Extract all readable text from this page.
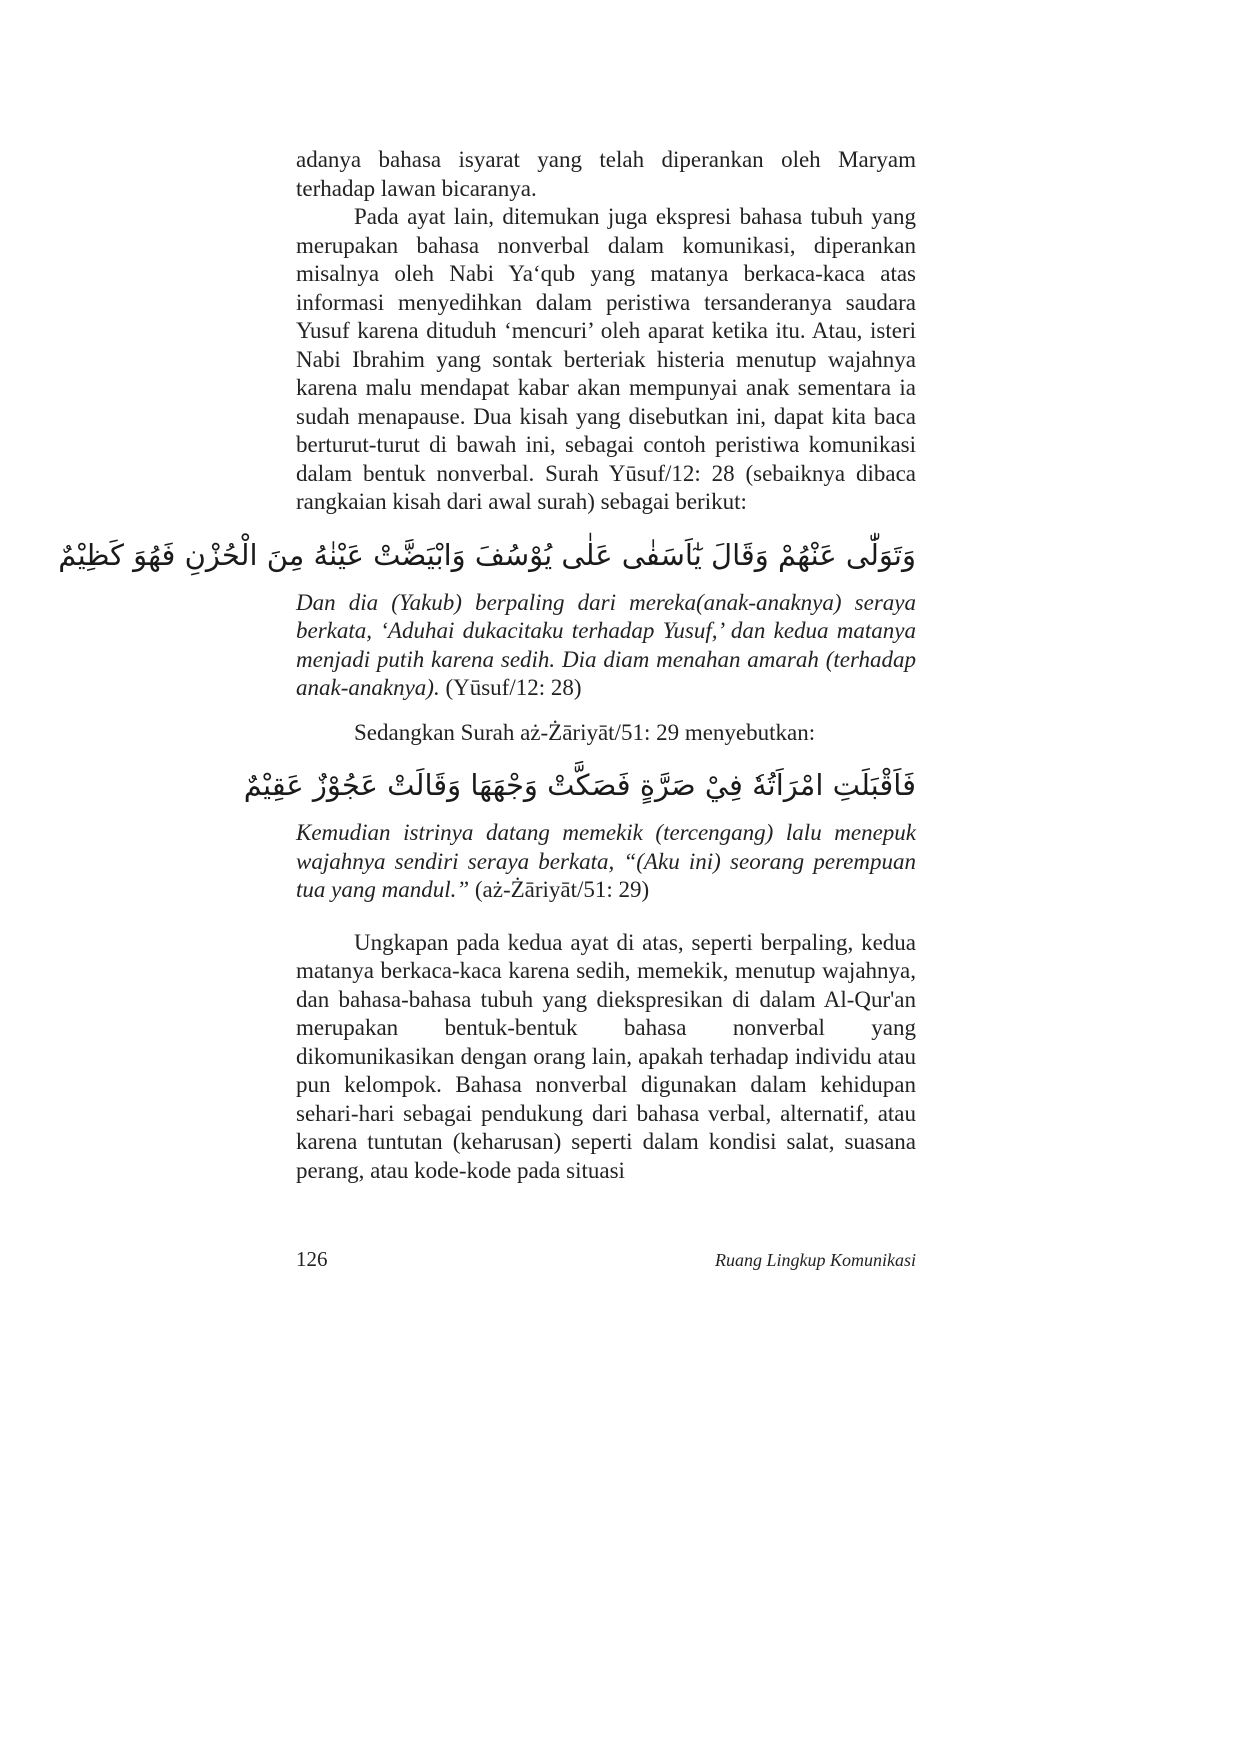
adanya bahasa isyarat yang telah diperankan oleh Maryam terhadap lawan bicaranya.

Pada ayat lain, ditemukan juga ekspresi bahasa tubuh yang merupakan bahasa nonverbal dalam komunikasi, diperankan misalnya oleh Nabi Ya‘qub yang matanya berkaca-kaca atas informasi menyedihkan dalam peristiwa tersanderanya saudara Yusuf karena dituduh ‘mencuri’ oleh aparat ketika itu. Atau, isteri Nabi Ibrahim yang sontak berteriak histeria menutup wajahnya karena malu mendapat kabar akan mempunyai anak sementara ia sudah menapause. Dua kisah yang disebutkan ini, dapat kita baca berturut-turut di bawah ini, sebagai contoh peristiwa komunikasi dalam bentuk nonverbal. Surah Yūsuf/12: 28 (sebaiknya dibaca rangkaian kisah dari awal surah) sebagai berikut:

وَتَوَلّٰى عَنْهُمْ وَقَالَ يٰٓاَسَفٰى عَلٰى يُوْسُفَ وَابْيَضَّتْ عَيْنٰهُ مِنَ الْحُزْنِ فَهُوَ كَظِيْمٌ

Dan dia (Yakub) berpaling dari mereka(anak-anaknya) seraya berkata, ‘Aduhai dukacitaku terhadap Yusuf,’ dan kedua matanya menjadi putih karena sedih. Dia diam menahan amarah (terhadap anak-anaknya). (Yūsuf/12: 28)

Sedangkan Surah aż-Żāriyāt/51: 29 menyebutkan:

فَاَقْبَلَتِ امْرَاَتُهٗ فِيْ صَرَّةٍ فَصَكَّتْ وَجْهَهَا وَقَالَتْ عَجُوْزٌ عَقِيْمٌ

Kemudian istrinya datang memekik (tercengang) lalu menepuk wajahnya sendiri seraya berkata, “(Aku ini) seorang perempuan tua yang mandul.” (aż-Żāriyāt/51: 29)

Ungkapan pada kedua ayat di atas, seperti berpaling, kedua matanya berkaca-kaca karena sedih, memekik, menutup wajahnya, dan bahasa-bahasa tubuh yang diekspresikan di dalam Al-Qur'an merupakan bentuk-bentuk bahasa nonverbal yang dikomunikasikan dengan orang lain, apakah terhadap individu atau pun kelompok. Bahasa nonverbal digunakan dalam kehidupan sehari-hari sebagai pendukung dari bahasa verbal, alternatif, atau karena tuntutan (keharusan) seperti dalam kondisi salat, suasana perang, atau kode-kode pada situasi

126	Ruang Lingkup Komunikasi
